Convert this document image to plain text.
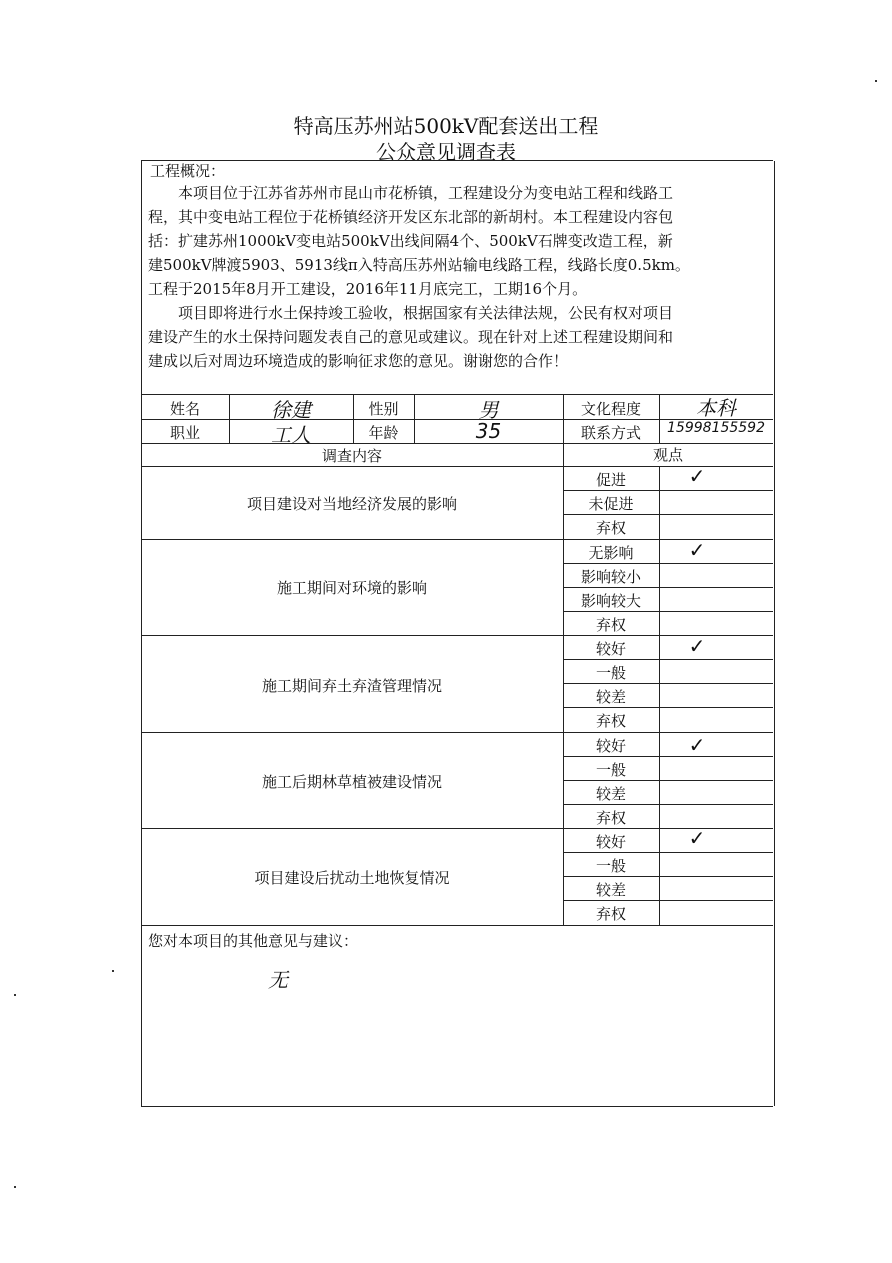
特高压苏州站500kV配套送出工程
公众意见调查表
工程概况：
　　本项目位于江苏省苏州市昆山市花桥镇，工程建设分为变电站工程和线路工
程，其中变电站工程位于花桥镇经济开发区东北部的新胡村。本工程建设内容包
括：扩建苏州1000kV变电站500kV出线间隔4个、500kV石牌变改造工程，新
建500kV牌渡5903、5913线π入特高压苏州站输电线路工程，线路长度0.5km。
工程于2015年8月开工建设，2016年11月底完工，工期16个月。
　　项目即将进行水土保持竣工验收，根据国家有关法律法规，公民有权对项目
建设产生的水土保持问题发表自己的意见或建议。现在针对上述工程建设期间和
建成以后对周边环境造成的影响征求您的意见。谢谢您的合作！
姓名	徐建	性别	男	文化程度	本科
职业	工人	年龄	35	联系方式	15998155592
调查内容	观点
项目建设对当地经济发展的影响
促进	✓
未促进
弃权
施工期间对环境的影响
无影响	✓
影响较小
影响较大
弃权
施工期间弃土弃渣管理情况
较好	✓
一般
较差
弃权
施工后期林草植被建设情况
较好	✓
一般
较差
弃权
项目建设后扰动土地恢复情况
较好	✓
一般
较差
弃权
您对本项目的其他意见与建议：
无
